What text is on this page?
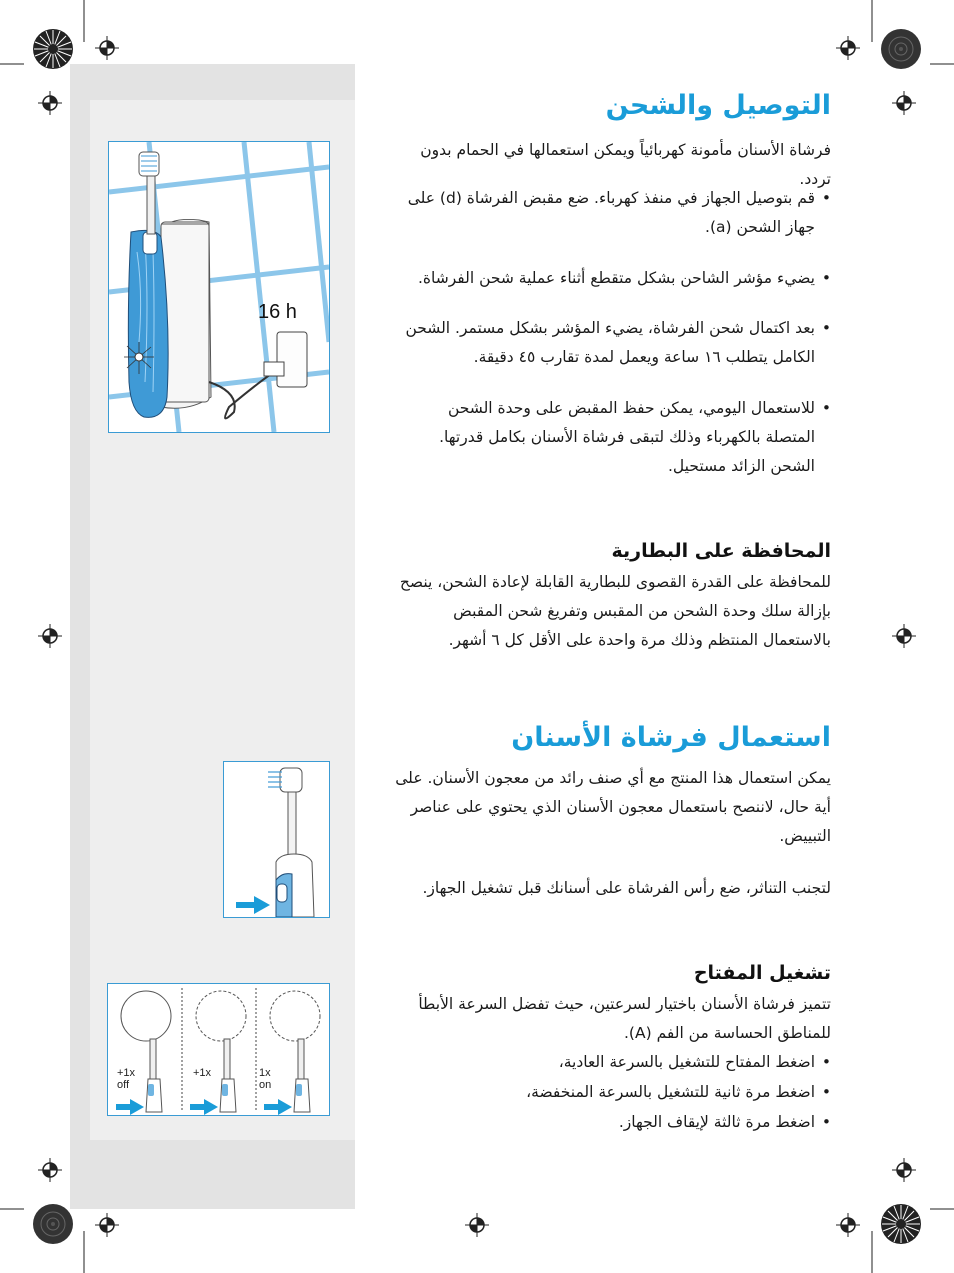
16 h
+1x
off
+1x	1x
on
التوصيل والشحن
فرشاة الأسنان مأمونة كهربائياً ويمكن استعمالها في الحمام بدون تردد.
• قم بتوصيل الجهاز في منفذ كهرباء. ضع مقبض الفرشاة (d) على جهاز الشحن (a).
• يضيء مؤشر الشاحن بشكل متقطع أثناء عملية شحن الفرشاة.
• بعد اكتمال شحن الفرشاة، يضيء المؤشر بشكل مستمر. الشحن الكامل يتطلب ١٦ ساعة ويعمل لمدة تقارب ٤٥ دقيقة.
• للاستعمال اليومي، يمكن حفظ المقبض على وحدة الشحن المتصلة بالكهرباء وذلك لتبقى فرشاة الأسنان بكامل قدرتها. الشحن الزائد مستحيل.
المحافظة على البطارية
للمحافظة على القدرة القصوى للبطارية القابلة لإعادة الشحن، ينصح بإزالة سلك وحدة الشحن من المقبس وتفريغ شحن المقبض بالاستعمال المنتظم وذلك مرة واحدة على الأقل كل ٦ أشهر.
استعمال فرشاة الأسنان
يمكن استعمال هذا المنتج مع أي صنف رائد من معجون الأسنان. على أية حال، لاننصح باستعمال معجون الأسنان الذي يحتوي على عناصر التبييض.
لتجنب التناثر، ضع رأس الفرشاة على أسنانك قبل تشغيل الجهاز.
تشغيل المفتاح
تتميز فرشاة الأسنان باختيار لسرعتين، حيث تفضل السرعة الأبطأ للمناطق الحساسة من الفم (A).
• اضغط المفتاح للتشغيل بالسرعة العادية،
• اضغط مرة ثانية للتشغيل بالسرعة المنخفضة،
• اضغط مرة ثالثة لإيقاف الجهاز.
